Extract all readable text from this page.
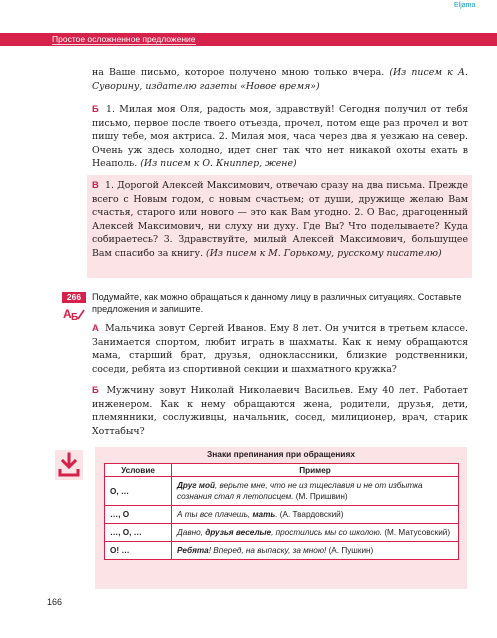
Eljama
Простое осложненное предложение

на Ваше письмо, которое получено мною только вчера. (Из писем к А. Суворину, издателю газеты «Новое время»)

Б 1. Милая моя Оля, радость моя, здравствуй! Сегодня получил от тебя письмо, первое после твоего отъезда, прочел, потом еще раз прочел и вот пишу тебе, моя актриса. 2. Милая моя, часа через два я уезжаю на север. Очень уж здесь холодно, идет снег так что нет никакой охоты ехать в Неаполь. (Из писем к О. Книппер, жене)

В 1. Дорогой Алексей Максимович, отвечаю сразу на два письма. Прежде всего с Новым годом, с новым счастьем; от души, дружище желаю Вам счастья, старого или нового — это как Вам угодно. 2. О Вас, драгоценный Алексей Максимович, ни слуху ни духу. Где Вы? Что поделываете? Куда собираетесь? 3. Здравствуйте, милый Алексей Максимович, большущее Вам спасибо за книгу. (Из писем к М. Горькому, русскому писателю)

266
A Б

Подумайте, как можно обращаться к данному лицу в различных ситуациях. Составьте предложения и запишите.

А Мальчика зовут Сергей Иванов. Ему 8 лет. Он учится в третьем классе. Занимается спортом, любит играть в шахматы. Как к нему обращаются мама, старший брат, друзья, одноклассники, близкие родственники, соседи, ребята из спортивной секции и шахматного кружка?

Б Мужчину зовут Николай Николаевич Васильев. Ему 40 лет. Работает инженером. Как к нему обращаются жена, родители, друзья, дети, племянники, сослуживцы, начальник, сосед, милиционер, врач, старик Хоттабыч?

Знаки препинания при обращениях
Условие	Пример
О, …	Друг мой, верьте мне, что не из тщеславия и не от избытка сознания стал я летописцем. (М. Пришвин)
…, О	А ты все плачешь, мать. (А. Твардовский)
…, О, …	Давно, друзья веселые, простились мы со школою. (М. Матусовский)
О! …	Ребята! Вперед, на выпаску, за мною! (А. Пушкин)
166
